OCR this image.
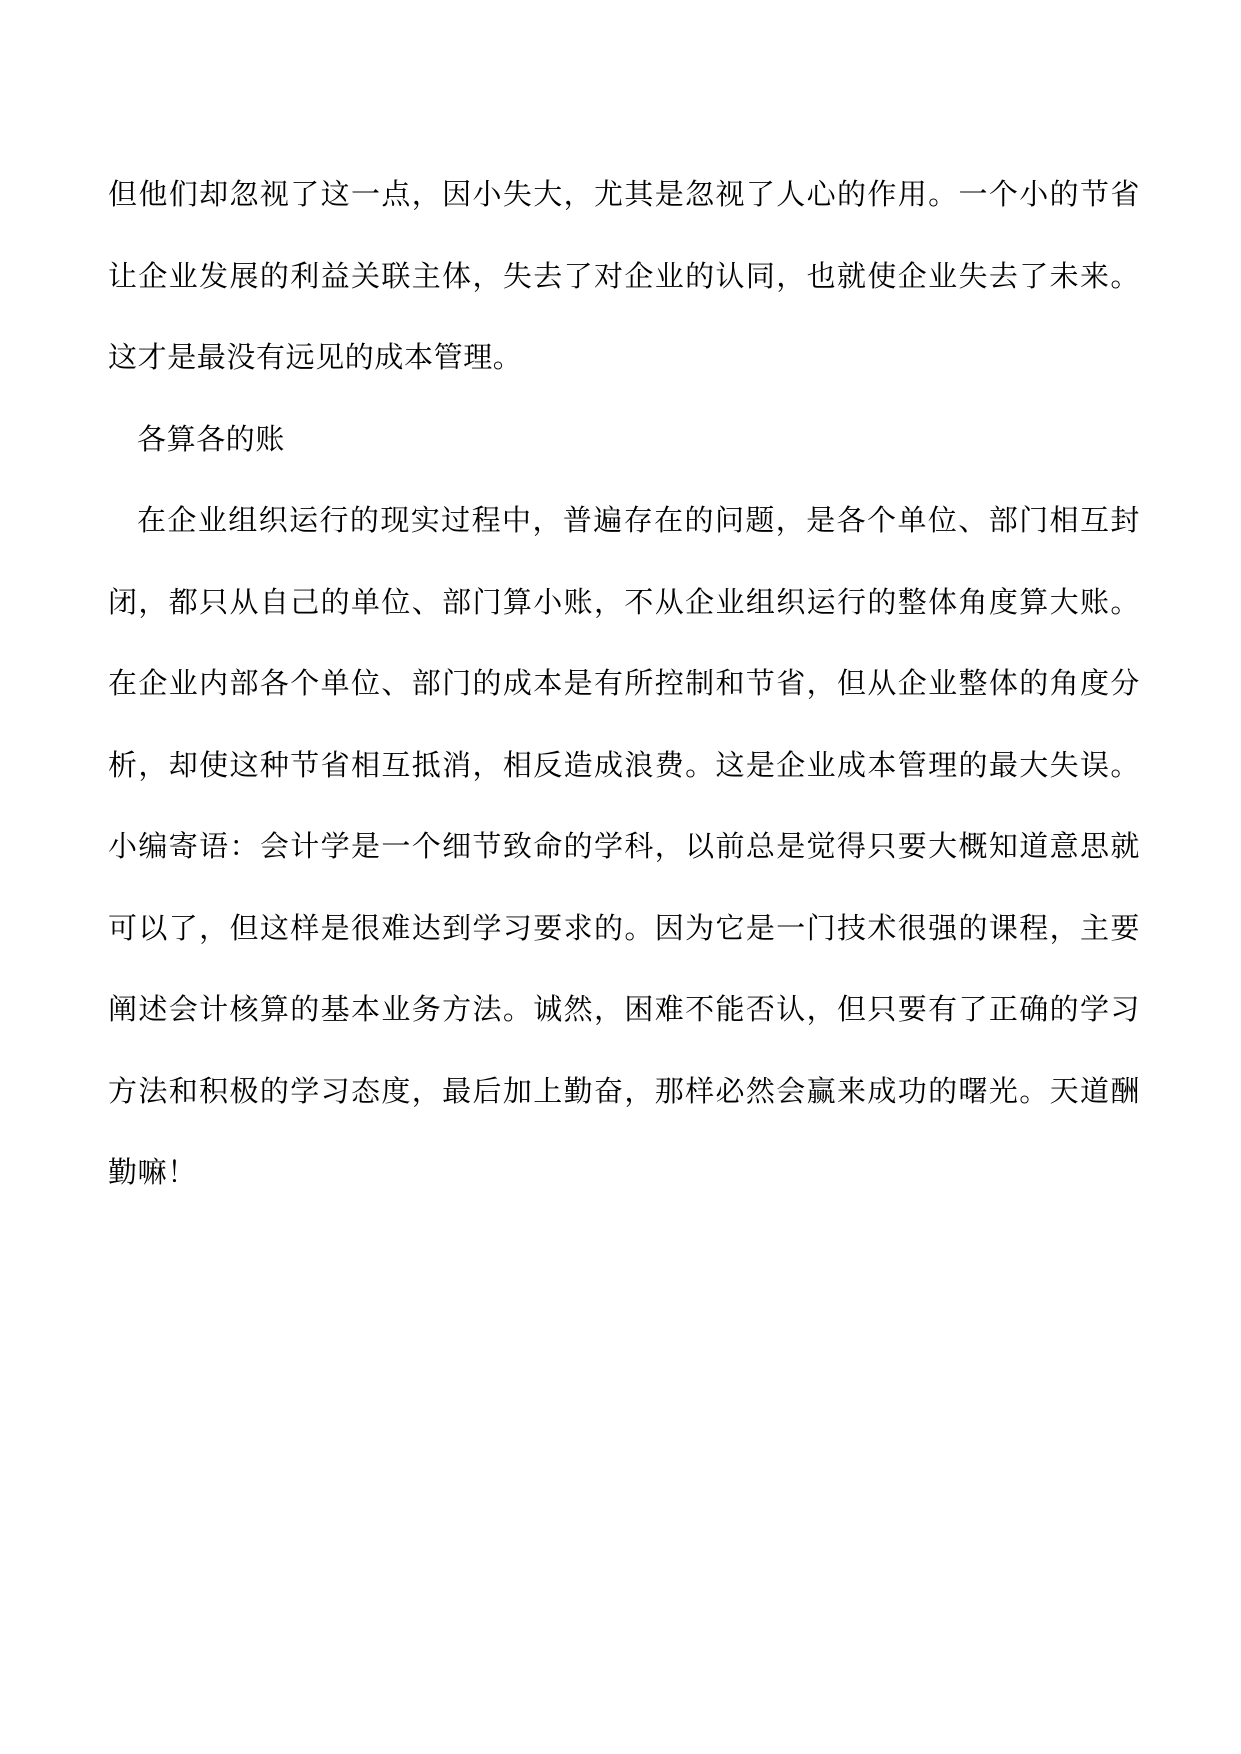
但他们却忽视了这一点，因小失大，尤其是忽视了人心的作用。一个小的节省让企业发展的利益关联主体，失去了对企业的认同，也就使企业失去了未来。这才是最没有远见的成本管理。

各算各的账

在企业组织运行的现实过程中，普遍存在的问题，是各个单位、部门相互封闭，都只从自己的单位、部门算小账，不从企业组织运行的整体角度算大账。在企业内部各个单位、部门的成本是有所控制和节省，但从企业整体的角度分析，却使这种节省相互抵消，相反造成浪费。这是企业成本管理的最大失误。小编寄语：会计学是一个细节致命的学科，以前总是觉得只要大概知道意思就可以了，但这样是很难达到学习要求的。因为它是一门技术很强的课程，主要阐述会计核算的基本业务方法。诚然，困难不能否认，但只要有了正确的学习方法和积极的学习态度，最后加上勤奋，那样必然会赢来成功的曙光。天道酬勤嘛！
